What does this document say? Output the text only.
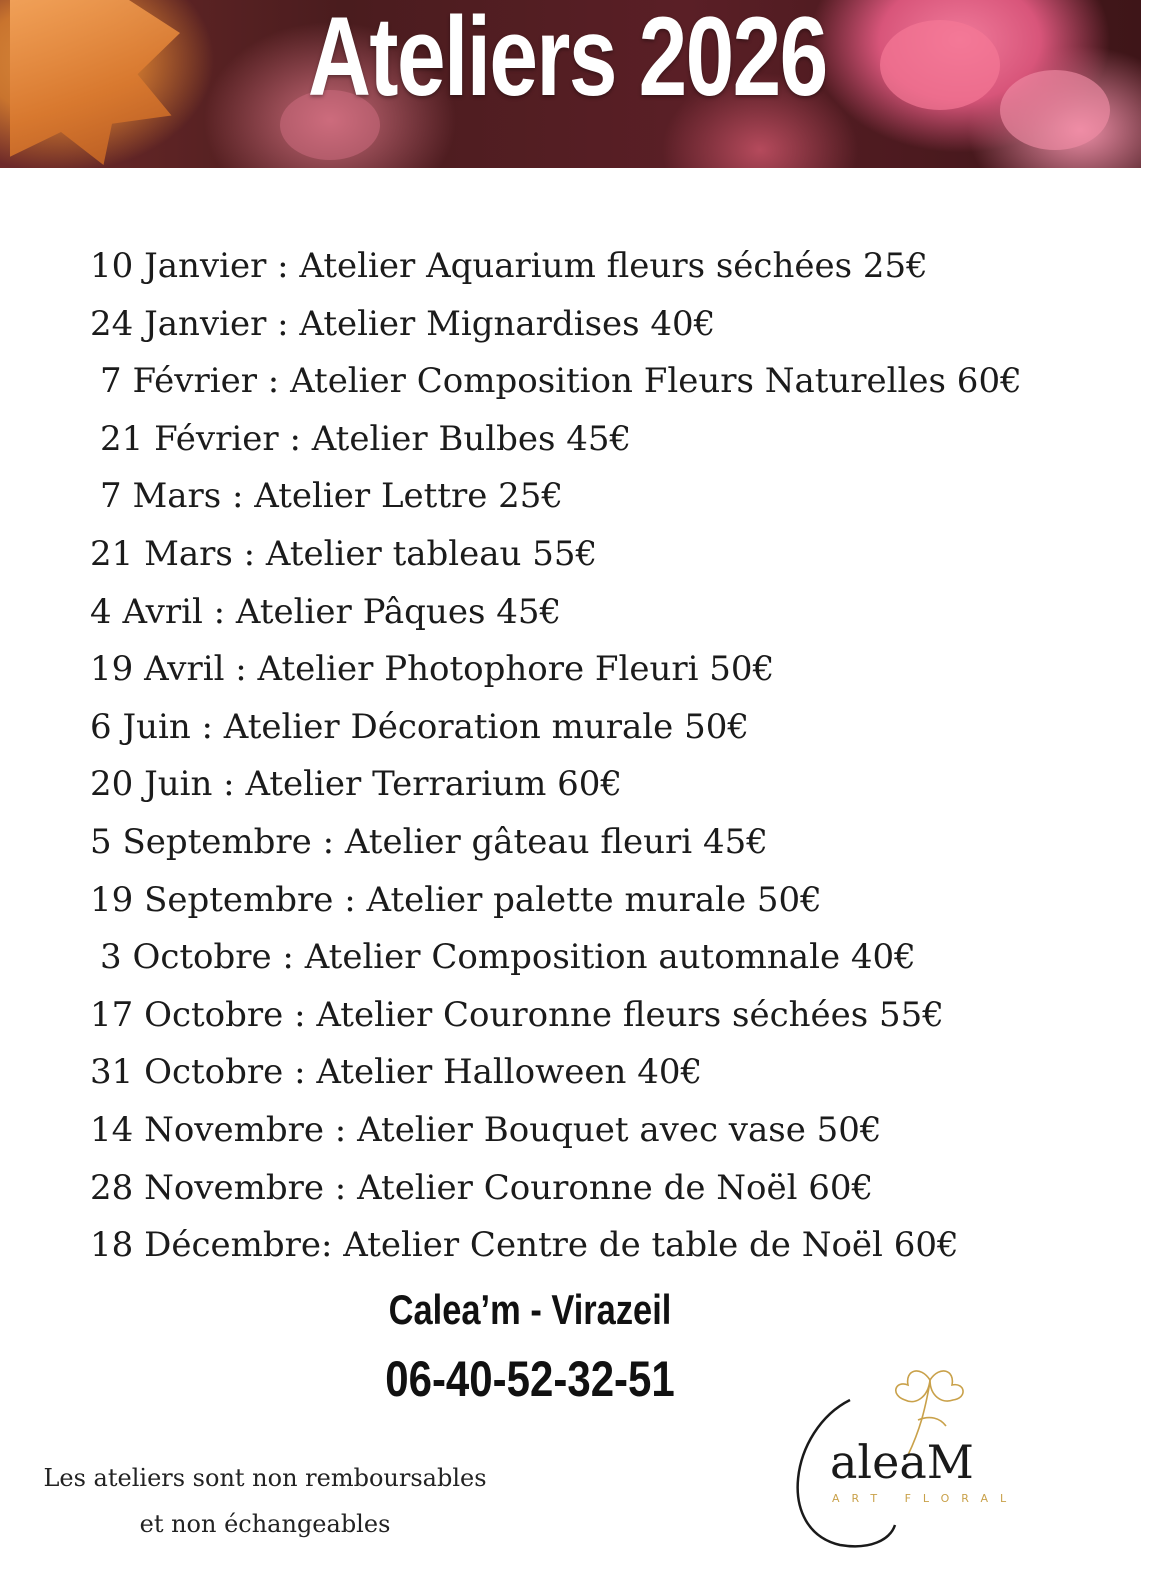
Ateliers 2026
10 Janvier : Atelier Aquarium fleurs séchées 25€
24 Janvier : Atelier Mignardises 40€
7 Février : Atelier Composition Fleurs Naturelles 60€
21 Février : Atelier Bulbes 45€
7 Mars : Atelier Lettre 25€
21 Mars : Atelier tableau 55€
4 Avril : Atelier Pâques 45€
19 Avril : Atelier Photophore Fleuri 50€
6 Juin : Atelier Décoration murale 50€
20 Juin : Atelier Terrarium 60€
5 Septembre : Atelier gâteau fleuri 45€
19 Septembre : Atelier palette murale 50€
3 Octobre : Atelier Composition automnale 40€
17 Octobre : Atelier Couronne fleurs séchées 55€
31 Octobre : Atelier Halloween 40€
14 Novembre : Atelier Bouquet avec vase 50€
28 Novembre : Atelier Couronne de Noël 60€
18 Décembre: Atelier Centre de table de Noël 60€
Calea’m - Virazeil
06-40-52-32-51
Les ateliers sont non remboursables
et non échangeables
aleaM
ART FLORAL
